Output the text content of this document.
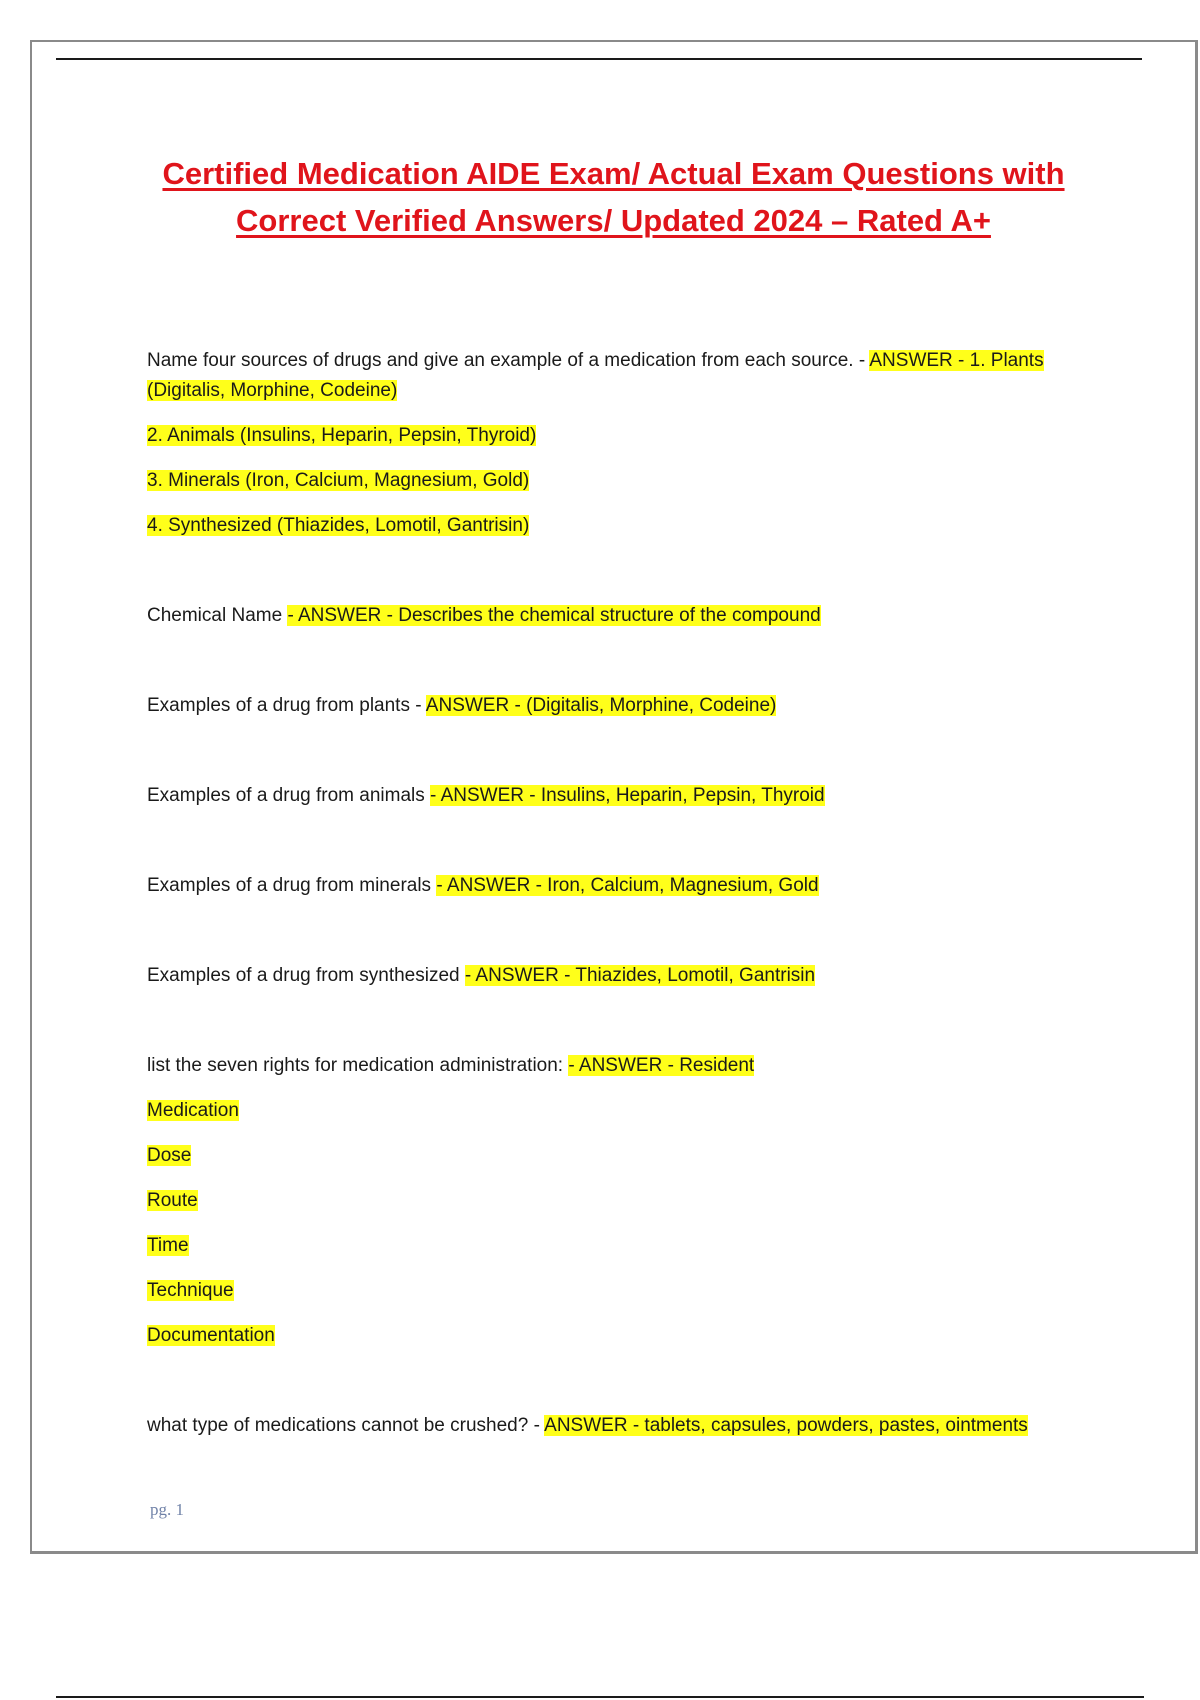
Certified Medication AIDE Exam/ Actual Exam Questions with
Correct Verified Answers/ Updated 2024 – Rated A+

Name four sources of drugs and give an example of a medication from each source. - ANSWER - 1. Plants

(Digitalis, Morphine, Codeine)

2. Animals (Insulins, Heparin, Pepsin, Thyroid)

3. Minerals (Iron, Calcium, Magnesium, Gold)

4. Synthesized (Thiazides, Lomotil, Gantrisin)

Chemical Name - ANSWER - Describes the chemical structure of the compound

Examples of a drug from plants - ANSWER - (Digitalis, Morphine, Codeine)

Examples of a drug from animals - ANSWER - Insulins, Heparin, Pepsin, Thyroid

Examples of a drug from minerals - ANSWER - Iron, Calcium, Magnesium, Gold

Examples of a drug from synthesized - ANSWER - Thiazides, Lomotil, Gantrisin

list the seven rights for medication administration: - ANSWER - Resident

Medication

Dose

Route

Time

Technique

Documentation

what type of medications cannot be crushed? - ANSWER - tablets, capsules, powders, pastes, ointments

pg. 1
